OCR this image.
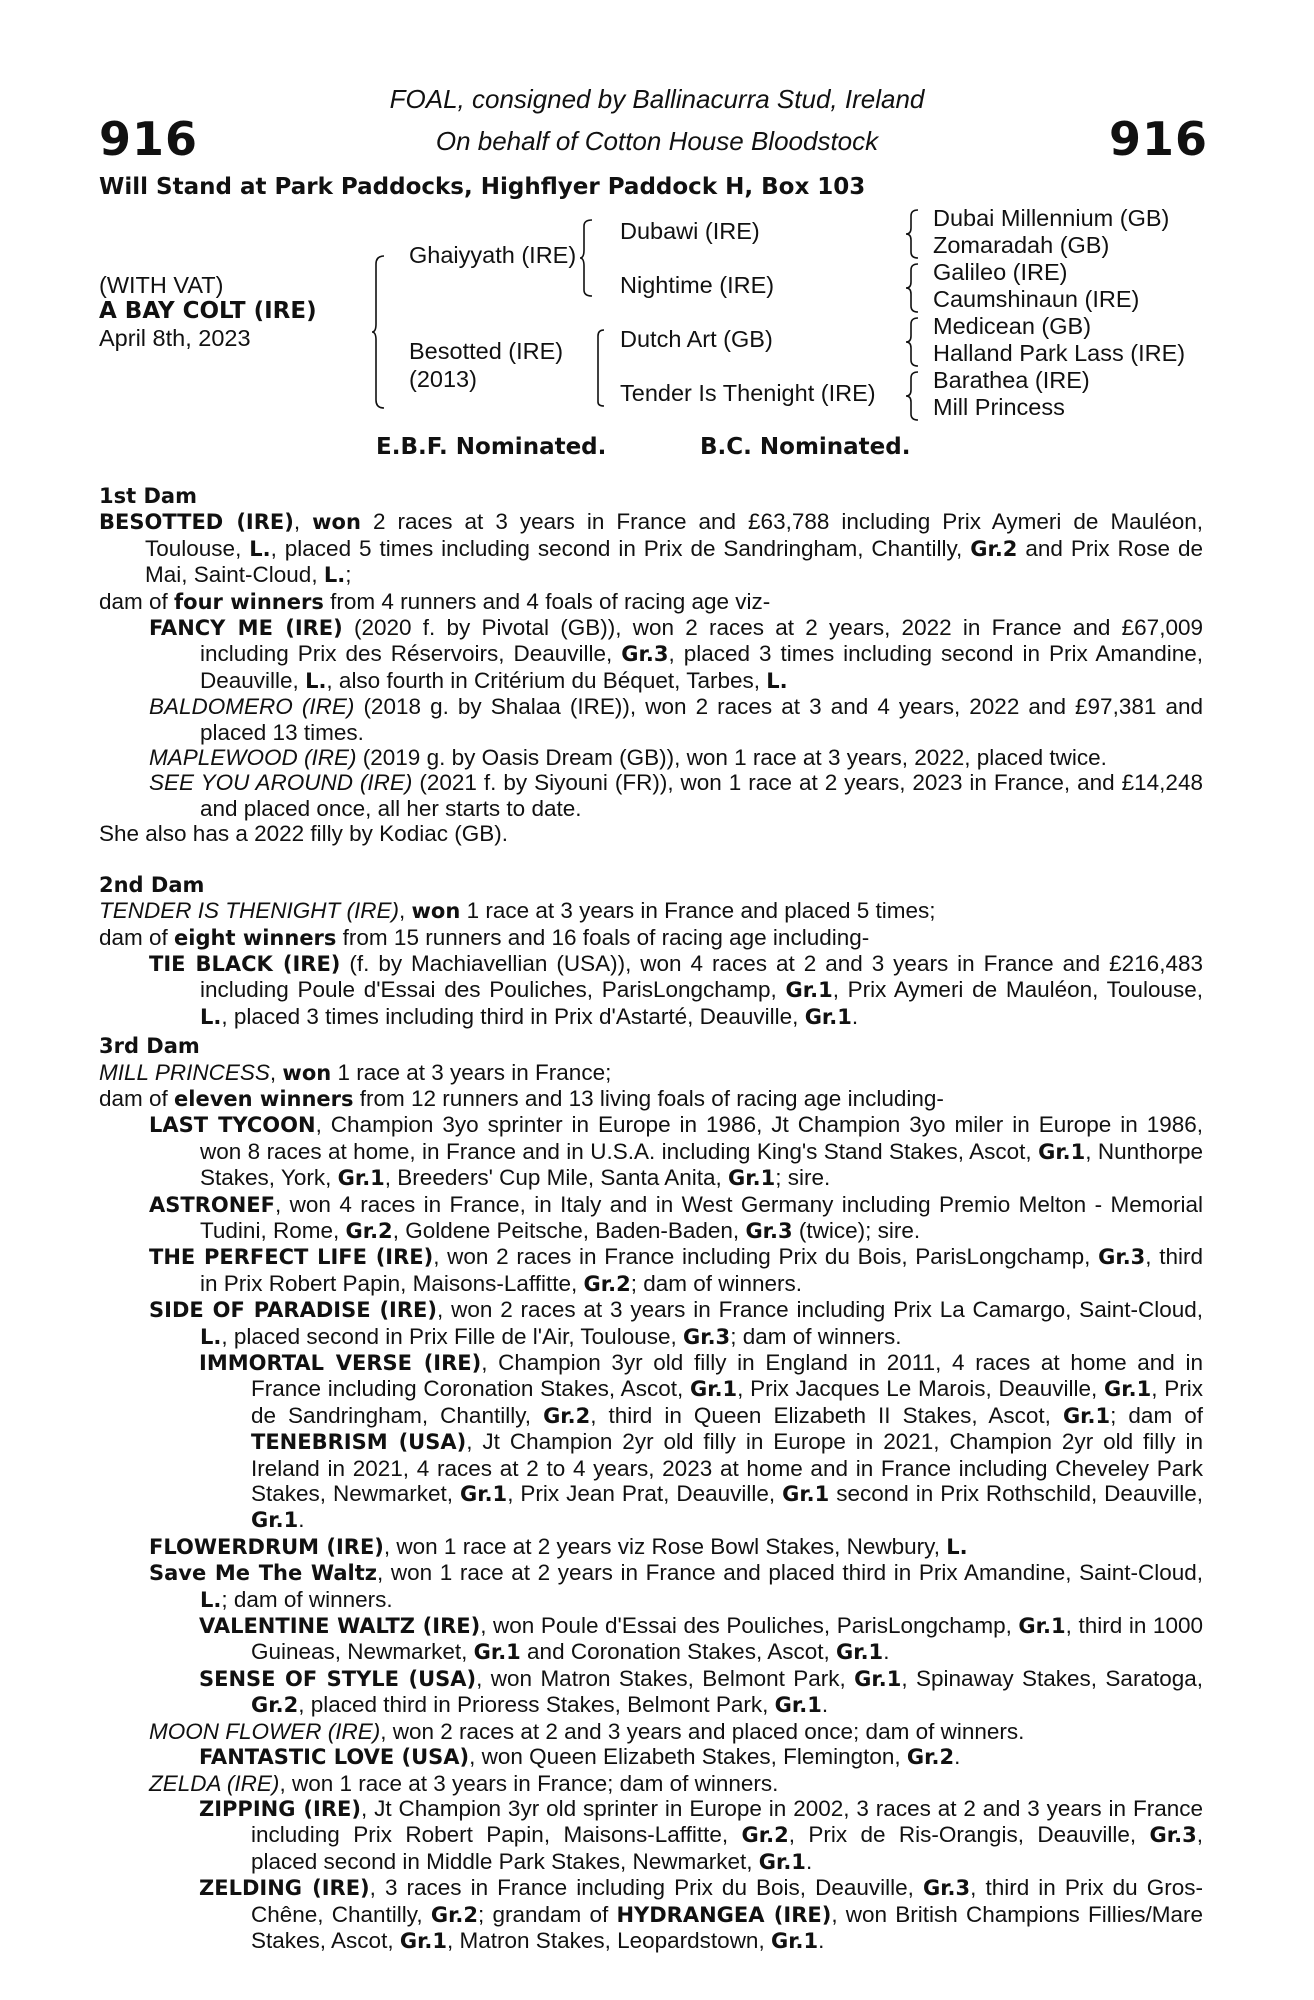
916	916
FOAL, consigned by Ballinacurra Stud, Ireland
On behalf of Cotton House Bloodstock
Will Stand at Park Paddocks, Highflyer Paddock H, Box 103
(WITH VAT)
A BAY COLT (IRE)
April 8th, 2023
Ghaiyyath (IRE)
Besotted (IRE)
(2013)
Dubawi (IRE)
Nightime (IRE)
Dutch Art (GB)
Tender Is Thenight (IRE)
Dubai Millennium (GB)
Zomaradah (GB)
Galileo (IRE)
Caumshinaun (IRE)
Medicean (GB)
Halland Park Lass (IRE)
Barathea (IRE)
Mill Princess
E.B.F. Nominated.	B.C. Nominated.
1st Dam

BESOTTED (IRE), won 2 races at 3 years in France and £63,788 including Prix Aymeri de Mauléon, Toulouse, L., placed 5 times including second in Prix de Sandringham, Chantilly, Gr.2 and Prix Rose de Mai, Saint-Cloud, L.;

dam of four winners from 4 runners and 4 foals of racing age viz-

FANCY ME (IRE) (2020 f. by Pivotal (GB)), won 2 races at 2 years, 2022 in France and £67,009 including Prix des Réservoirs, Deauville, Gr.3, placed 3 times including second in Prix Amandine, Deauville, L., also fourth in Critérium du Béquet, Tarbes, L.

BALDOMERO (IRE) (2018 g. by Shalaa (IRE)), won 2 races at 3 and 4 years, 2022 and £97,381 and placed 13 times.

MAPLEWOOD (IRE) (2019 g. by Oasis Dream (GB)), won 1 race at 3 years, 2022, placed twice.

SEE YOU AROUND (IRE) (2021 f. by Siyouni (FR)), won 1 race at 2 years, 2023 in France, and £14,248 and placed once, all her starts to date.

She also has a 2022 filly by Kodiac (GB).

2nd Dam

TENDER IS THENIGHT (IRE), won 1 race at 3 years in France and placed 5 times;

dam of eight winners from 15 runners and 16 foals of racing age including-

TIE BLACK (IRE) (f. by Machiavellian (USA)), won 4 races at 2 and 3 years in France and £216,483 including Poule d'Essai des Pouliches, ParisLongchamp, Gr.1, Prix Aymeri de Mauléon, Toulouse, L., placed 3 times including third in Prix d'Astarté, Deauville, Gr.1.

3rd Dam

MILL PRINCESS, won 1 race at 3 years in France;

dam of eleven winners from 12 runners and 13 living foals of racing age including-

LAST TYCOON, Champion 3yo sprinter in Europe in 1986, Jt Champion 3yo miler in Europe in 1986, won 8 races at home, in France and in U.S.A. including King's Stand Stakes, Ascot, Gr.1, Nunthorpe Stakes, York, Gr.1, Breeders' Cup Mile, Santa Anita, Gr.1; sire.

ASTRONEF, won 4 races in France, in Italy and in West Germany including Premio Melton - Memorial Tudini, Rome, Gr.2, Goldene Peitsche, Baden-Baden, Gr.3 (twice); sire.

THE PERFECT LIFE (IRE), won 2 races in France including Prix du Bois, ParisLongchamp, Gr.3, third in Prix Robert Papin, Maisons-Laffitte, Gr.2; dam of winners.

SIDE OF PARADISE (IRE), won 2 races at 3 years in France including Prix La Camargo, Saint-Cloud, L., placed second in Prix Fille de l'Air, Toulouse, Gr.3; dam of winners.

IMMORTAL VERSE (IRE), Champion 3yr old filly in England in 2011, 4 races at home and in France including Coronation Stakes, Ascot, Gr.1, Prix Jacques Le Marois, Deauville, Gr.1, Prix de Sandringham, Chantilly, Gr.2, third in Queen Elizabeth II Stakes, Ascot, Gr.1; dam of TENEBRISM (USA), Jt Champion 2yr old filly in Europe in 2021, Champion 2yr old filly in Ireland in 2021, 4 races at 2 to 4 years, 2023 at home and in France including Cheveley Park Stakes, Newmarket, Gr.1, Prix Jean Prat, Deauville, Gr.1 second in Prix Rothschild, Deauville, Gr.1.

FLOWERDRUM (IRE), won 1 race at 2 years viz Rose Bowl Stakes, Newbury, L.

Save Me The Waltz, won 1 race at 2 years in France and placed third in Prix Amandine, Saint-Cloud, L.; dam of winners.

VALENTINE WALTZ (IRE), won Poule d'Essai des Pouliches, ParisLongchamp, Gr.1, third in 1000 Guineas, Newmarket, Gr.1 and Coronation Stakes, Ascot, Gr.1.

SENSE OF STYLE (USA), won Matron Stakes, Belmont Park, Gr.1, Spinaway Stakes, Saratoga, Gr.2, placed third in Prioress Stakes, Belmont Park, Gr.1.

MOON FLOWER (IRE), won 2 races at 2 and 3 years and placed once; dam of winners.

FANTASTIC LOVE (USA), won Queen Elizabeth Stakes, Flemington, Gr.2.

ZELDA (IRE), won 1 race at 3 years in France; dam of winners.

ZIPPING (IRE), Jt Champion 3yr old sprinter in Europe in 2002, 3 races at 2 and 3 years in France including Prix Robert Papin, Maisons-Laffitte, Gr.2, Prix de Ris-Orangis, Deauville, Gr.3, placed second in Middle Park Stakes, Newmarket, Gr.1.

ZELDING (IRE), 3 races in France including Prix du Bois, Deauville, Gr.3, third in Prix du Gros-Chêne, Chantilly, Gr.2; grandam of HYDRANGEA (IRE), won British Champions Fillies/Mare Stakes, Ascot, Gr.1, Matron Stakes, Leopardstown, Gr.1.
